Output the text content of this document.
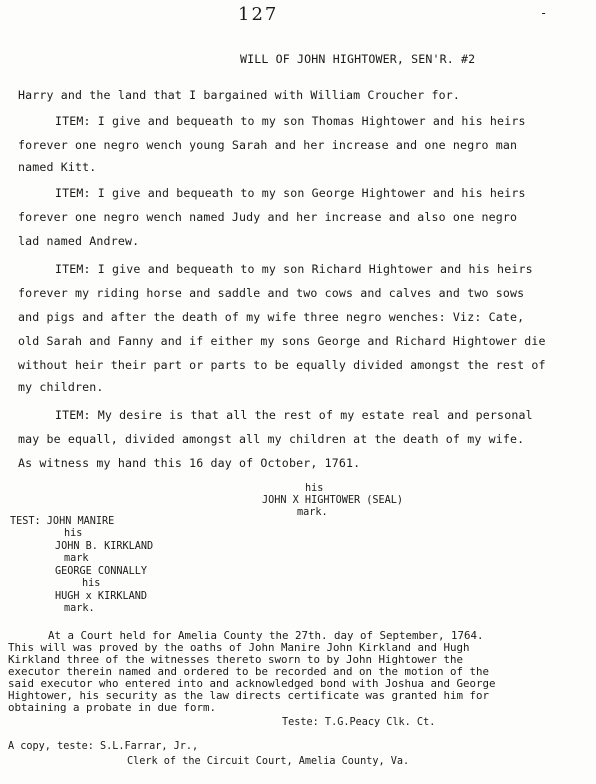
127	-
WILL OF JOHN HIGHTOWER, SEN'R. #2
Harry and the land that I bargained with William Croucher for.
ITEM: I give and bequeath to my son Thomas Hightower and his heirs
forever one negro wench young Sarah and her increase and one negro man
named Kitt.
ITEM: I give and bequeath to my son George Hightower and his heirs
forever one negro wench named Judy and her increase and also one negro
lad named Andrew.
ITEM: I give and bequeath to my son Richard Hightower and his heirs
forever my riding horse and saddle and two cows and calves and two sows
and pigs and after the death of my wife three negro wenches: Viz: Cate,
old Sarah and Fanny and if either my sons George and Richard Hightower die
without heir their part or parts to be equally divided amongst the rest of
my children.
ITEM: My desire is that all the rest of my estate real and personal
may be equall, divided amongst all my children at the death of my wife.
As witness my hand this 16 day of October, 1761.
his
JOHN X HIGHTOWER (SEAL)
mark.
TEST: JOHN MANIRE
his
JOHN B. KIRKLAND
mark
GEORGE CONNALLY
his
HUGH x KIRKLAND
mark.
At a Court held for Amelia County the 27th. day of September, 1764.
This will was proved by the oaths of John Manire John Kirkland and Hugh
Kirkland three of the witnesses thereto sworn to by John Hightower the
executor therein named and ordered to be recorded and on the motion of the
said executor who entered into and acknowledged bond with Joshua and George
Hightower, his security as the law directs certificate was granted him for
obtaining a probate in due form.
Teste: T.G.Peacy Clk. Ct.
A copy, teste: S.L.Farrar, Jr.,
Clerk of the Circuit Court, Amelia County, Va.
